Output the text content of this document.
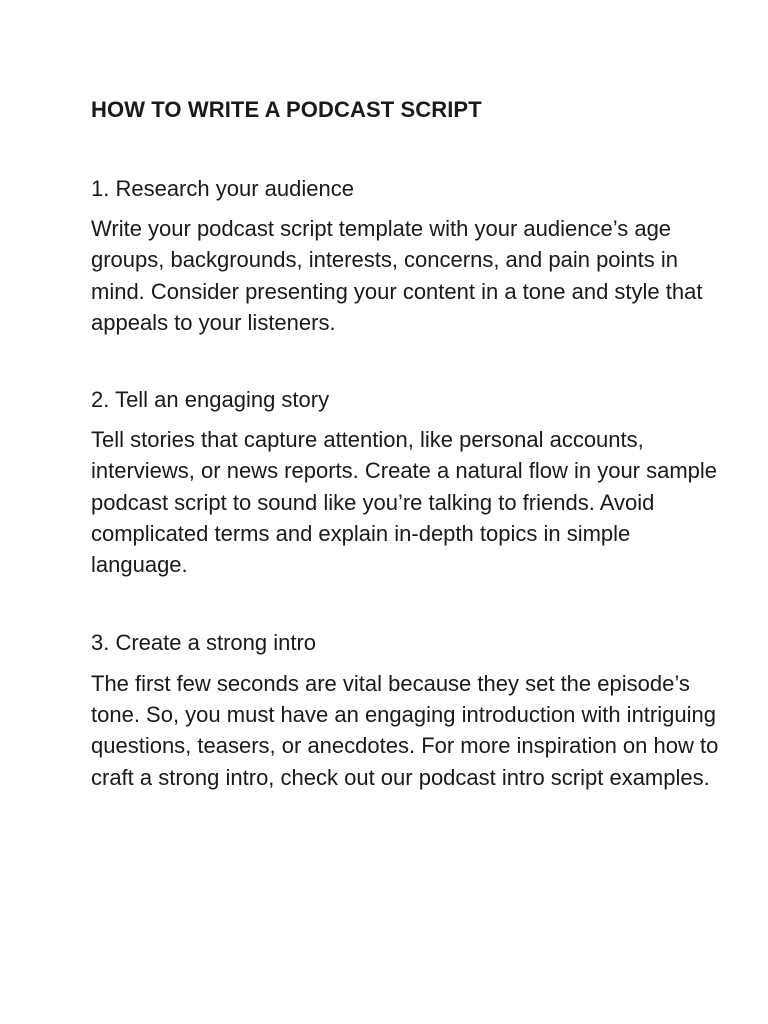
HOW TO WRITE A PODCAST SCRIPT
1. Research your audience

Write your podcast script template with your audience’s age groups, backgrounds, interests, concerns, and pain points in mind. Consider presenting your content in a tone and style that appeals to your listeners.

2. Tell an engaging story

Tell stories that capture attention, like personal accounts, interviews, or news reports. Create a natural flow in your sample podcast script to sound like you’re talking to friends. Avoid complicated terms and explain in-depth topics in simple language.

3. Create a strong intro

The first few seconds are vital because they set the episode’s tone. So, you must have an engaging introduction with intriguing questions, teasers, or anecdotes. For more inspiration on how to craft a strong intro, check out our podcast intro script examples.
